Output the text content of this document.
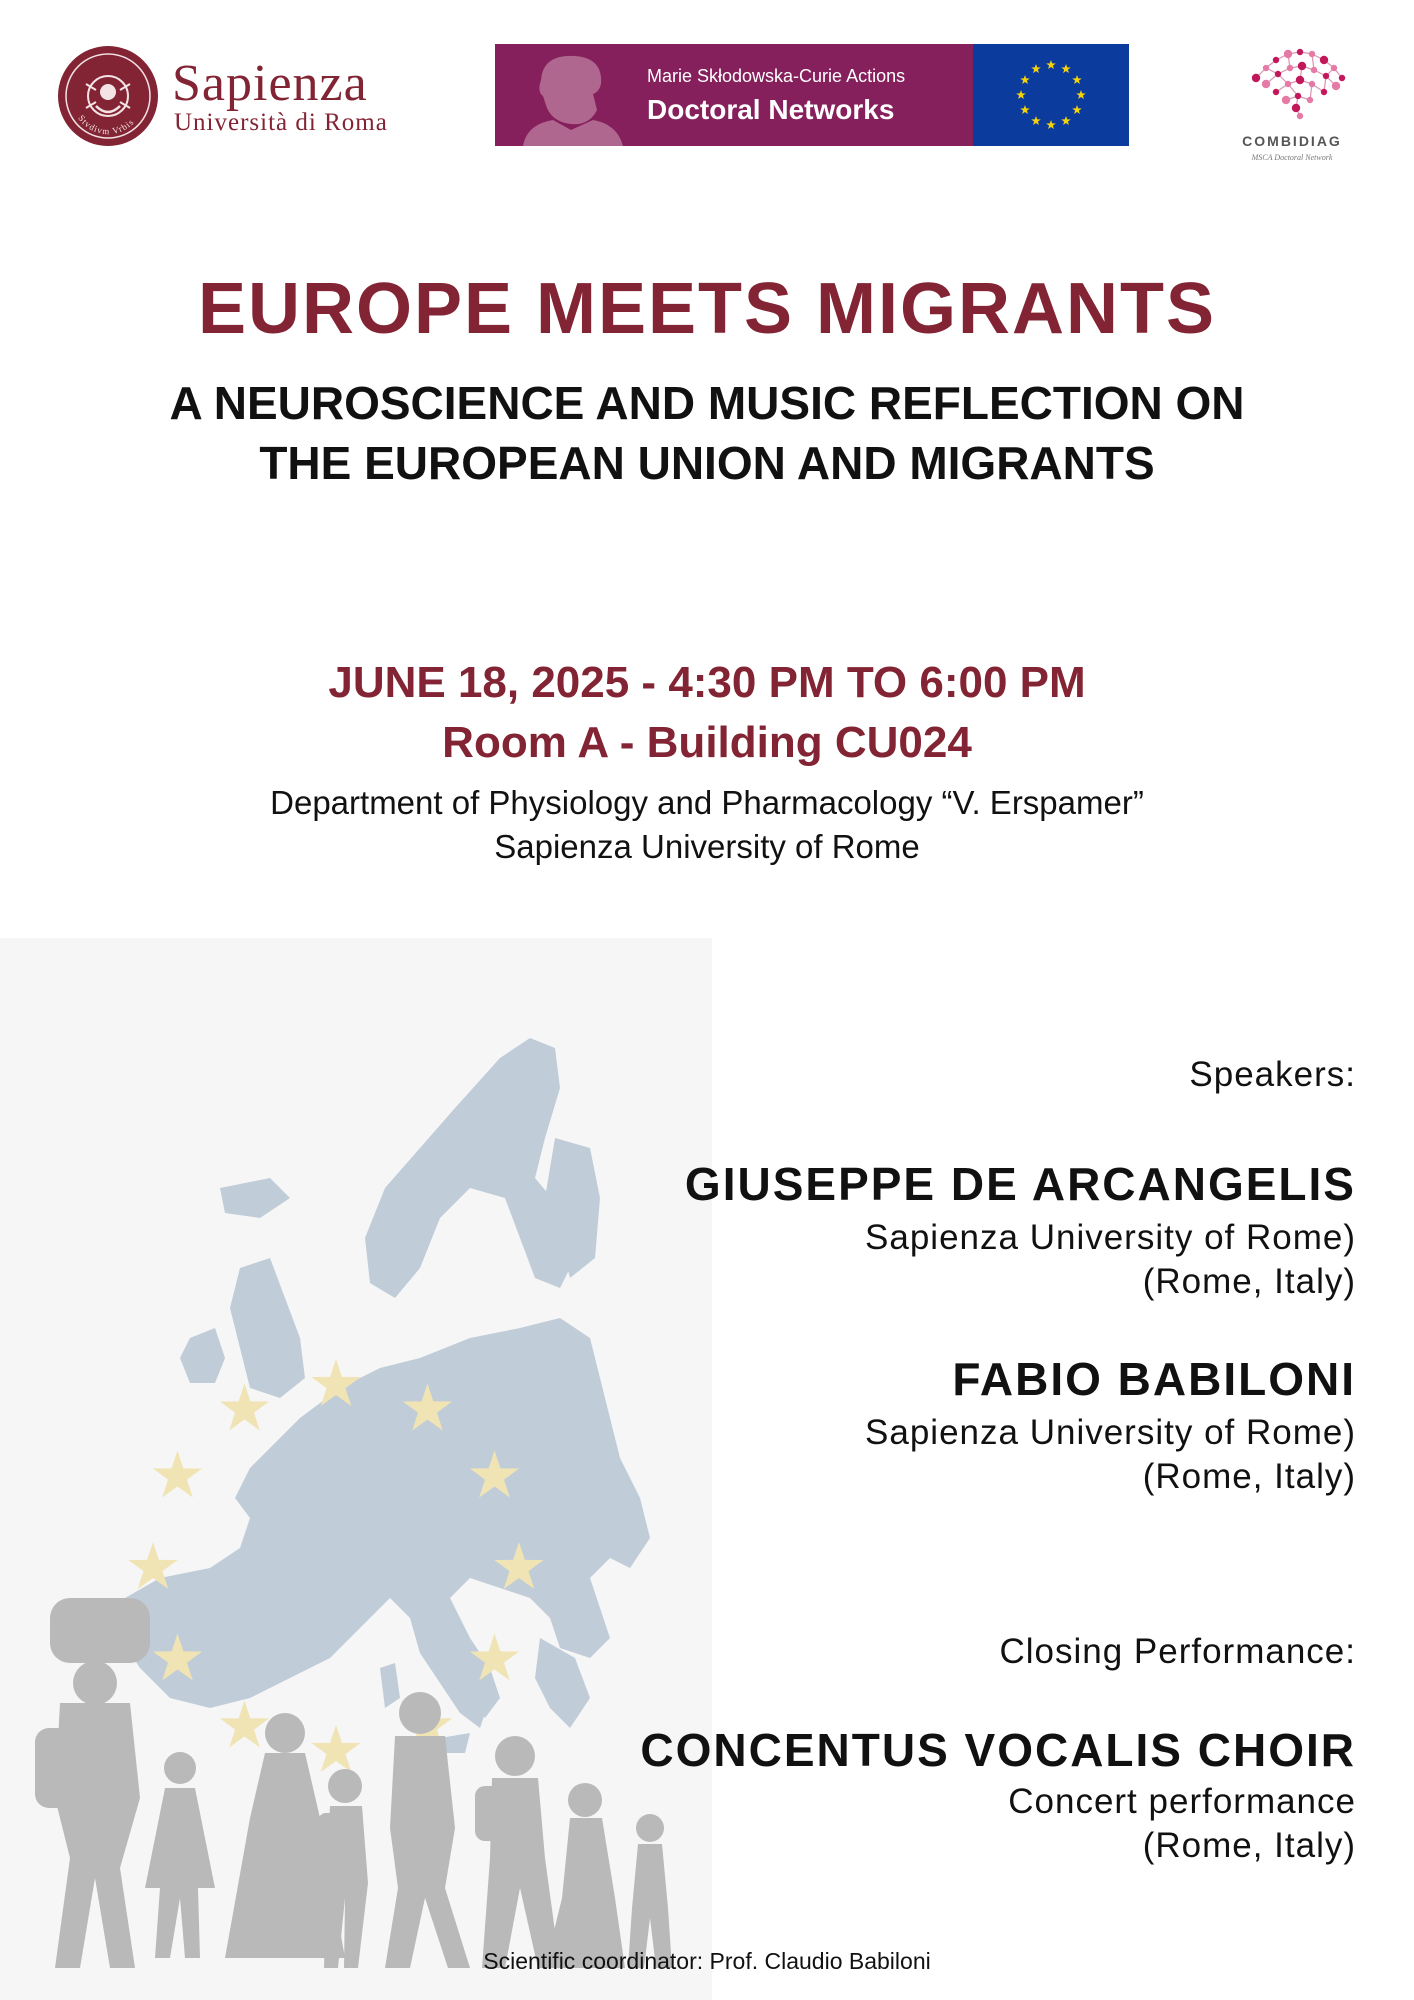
Stvdivm Vrbis
Sapienza
Università di Roma
Marie Skłodowska-Curie Actions
Doctoral Networks
COMBIDIAG
MSCA Doctoral Network
EUROPE MEETS MIGRANTS
A NEUROSCIENCE AND MUSIC REFLECTION ON
THE EUROPEAN UNION AND MIGRANTS
JUNE 18, 2025 - 4:30 PM TO 6:00 PM
Room A - Building CU024
Department of Physiology and Pharmacology “V. Erspamer”
Sapienza University of Rome
Speakers:
GIUSEPPE DE ARCANGELIS
Sapienza University of Rome)
(Rome, Italy)
FABIO BABILONI
Sapienza University of Rome)
(Rome, Italy)
Closing Performance:
CONCENTUS VOCALIS CHOIR
Concert performance
(Rome, Italy)
Scientific coordinator: Prof. Claudio Babiloni
